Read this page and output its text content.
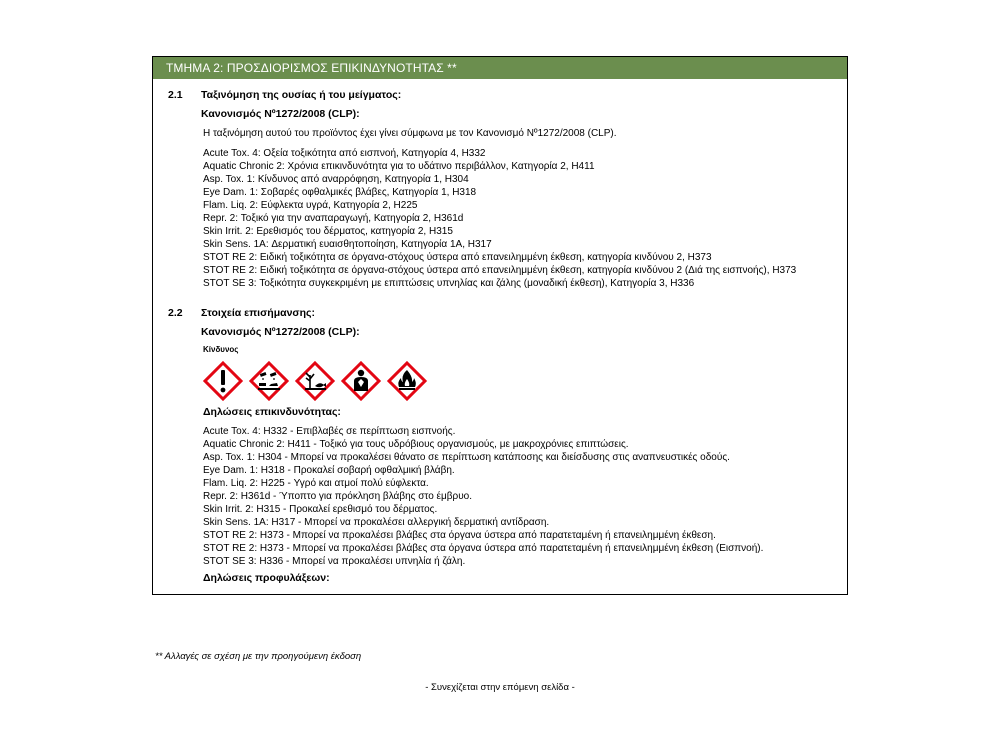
ΤΜΗΜΑ 2: ΠΡΟΣΔΙΟΡΙΣΜΟΣ ΕΠΙΚΙΝΔΥΝΟΤΗΤΑΣ **
2.1 Ταξινόμηση της ουσίας ή του μείγματος:
Κανονισμός Nº1272/2008 (CLP):
Η ταξινόμηση αυτού του προϊόντος έχει γίνει σύμφωνα με τον Κανονισμό Nº1272/2008 (CLP).
Acute Tox. 4: Οξεία τοξικότητα από εισπνοή, Κατηγορία 4, H332
Aquatic Chronic 2: Χρόνια επικινδυνότητα για το υδάτινο περιβάλλον, Κατηγορία 2, H411
Asp. Tox. 1: Κίνδυνος από αναρρόφηση, Κατηγορία 1, H304
Eye Dam. 1: Σοβαρές οφθαλμικές βλάβες, Κατηγορία 1, H318
Flam. Liq. 2: Εύφλεκτα υγρά, Κατηγορία 2, H225
Repr. 2: Τοξικό για την αναπαραγωγή, Κατηγορία 2, H361d
Skin Irrit. 2: Ερεθισμός του δέρματος, κατηγορία 2, H315
Skin Sens. 1A: Δερματική ευαισθητοποίηση, Κατηγορία 1A, H317
STOT RE 2: Ειδική τοξικότητα σε όργανα-στόχους ύστερα από επανειλημμένη έκθεση, κατηγορία κινδύνου 2, H373
STOT RE 2: Ειδική τοξικότητα σε όργανα-στόχους ύστερα από επανειλημμένη έκθεση, κατηγορία κινδύνου 2 (Διά της εισπνοής), H373
STOT SE 3: Τοξικότητα συγκεκριμένη με επιπτώσεις υπνηλίας και ζάλης (μοναδική έκθεση), Κατηγορία 3, H336
2.2 Στοιχεία επισήμανσης:
Κανονισμός Nº1272/2008 (CLP):
Κίνδυνος
Δηλώσεις επικινδυνότητας:
Acute Tox. 4: H332 - Επιβλαβές σε περίπτωση εισπνοής.
Aquatic Chronic 2: H411 - Τοξικό για τους υδρόβιους οργανισμούς, με μακροχρόνιες επιπτώσεις.
Asp. Tox. 1: H304 - Μπορεί να προκαλέσει θάνατο σε περίπτωση κατάποσης και διείσδυσης στις αναπνευστικές οδούς.
Eye Dam. 1: H318 - Προκαλεί σοβαρή οφθαλμική βλάβη.
Flam. Liq. 2: H225 - Υγρό και ατμοί πολύ εύφλεκτα.
Repr. 2: H361d - Ύποπτο για πρόκληση βλάβης στο έμβρυο.
Skin Irrit. 2: H315 - Προκαλεί ερεθισμό του δέρματος.
Skin Sens. 1A: H317 - Μπορεί να προκαλέσει αλλεργική δερματική αντίδραση.
STOT RE 2: H373 - Μπορεί να προκαλέσει βλάβες στα όργανα ύστερα από παρατεταμένη ή επανειλημμένη έκθεση.
STOT RE 2: H373 - Μπορεί να προκαλέσει βλάβες στα όργανα ύστερα από παρατεταμένη ή επανειλημμένη έκθεση (Εισπνοή).
STOT SE 3: H336 - Μπορεί να προκαλέσει υπνηλία ή ζάλη.
Δηλώσεις προφυλάξεων:
** Αλλαγές σε σχέση με την προηγούμενη έκδοση
- Συνεχίζεται στην επόμενη σελίδα -
